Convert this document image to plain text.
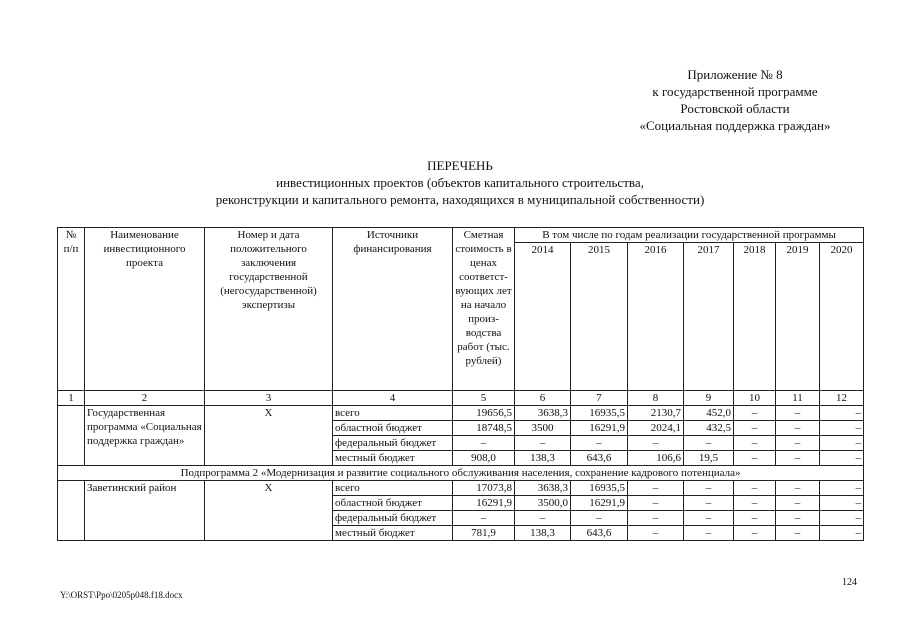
Приложение № 8
к государственной программе
Ростовской области
«Социальная поддержка граждан»
ПЕРЕЧЕНЬ
инвестиционных проектов (объектов капитального строительства,
реконструкции и капитального ремонта, находящихся в муниципальной собственности)
№ п/п	Наименование инвестиционного проекта	Номер и дата положительного заключения государственной (негосударственной) экспертизы	Источники финансирования	Сметная стоимость в ценах соответст-вующих лет на начало произ-водства работ (тыс. рублей)	В том числе по годам реализации государственной программы						
					2014	2015	2016	2017	2018	2019	2020
1	2	3	4	5	6	7	8	9	10	11	12
	Государственная программа «Социальная поддержка граждан»	Х	всего	19656,5	3638,3	16935,5	2130,7	452,0	–	–	–
			областной бюджет	18748,5	3500	16291,9	2024,1	432,5	–	–	–
			федеральный бюджет	–	–	–	–	–	–	–	–
			местный бюджет	908,0	138,3	643,6	106,6	19,5	–	–	–
Подпрограмма 2 «Модернизация и развитие социального обслуживания населения, сохранение кадрового потенциала»											
	Заветинский район	Х	всего	17073,8	3638,3	16935,5	–	–	–	–	–
			областной бюджет	16291,9	3500,0	16291,9	–	–	–	–	–
			федеральный бюджет	–	–	–	–	–	–	–	–
			местный бюджет	781,9	138,3	643,6	–	–	–	–	–
124
Y:\ORST\Ppo\0205p048.f18.docx
